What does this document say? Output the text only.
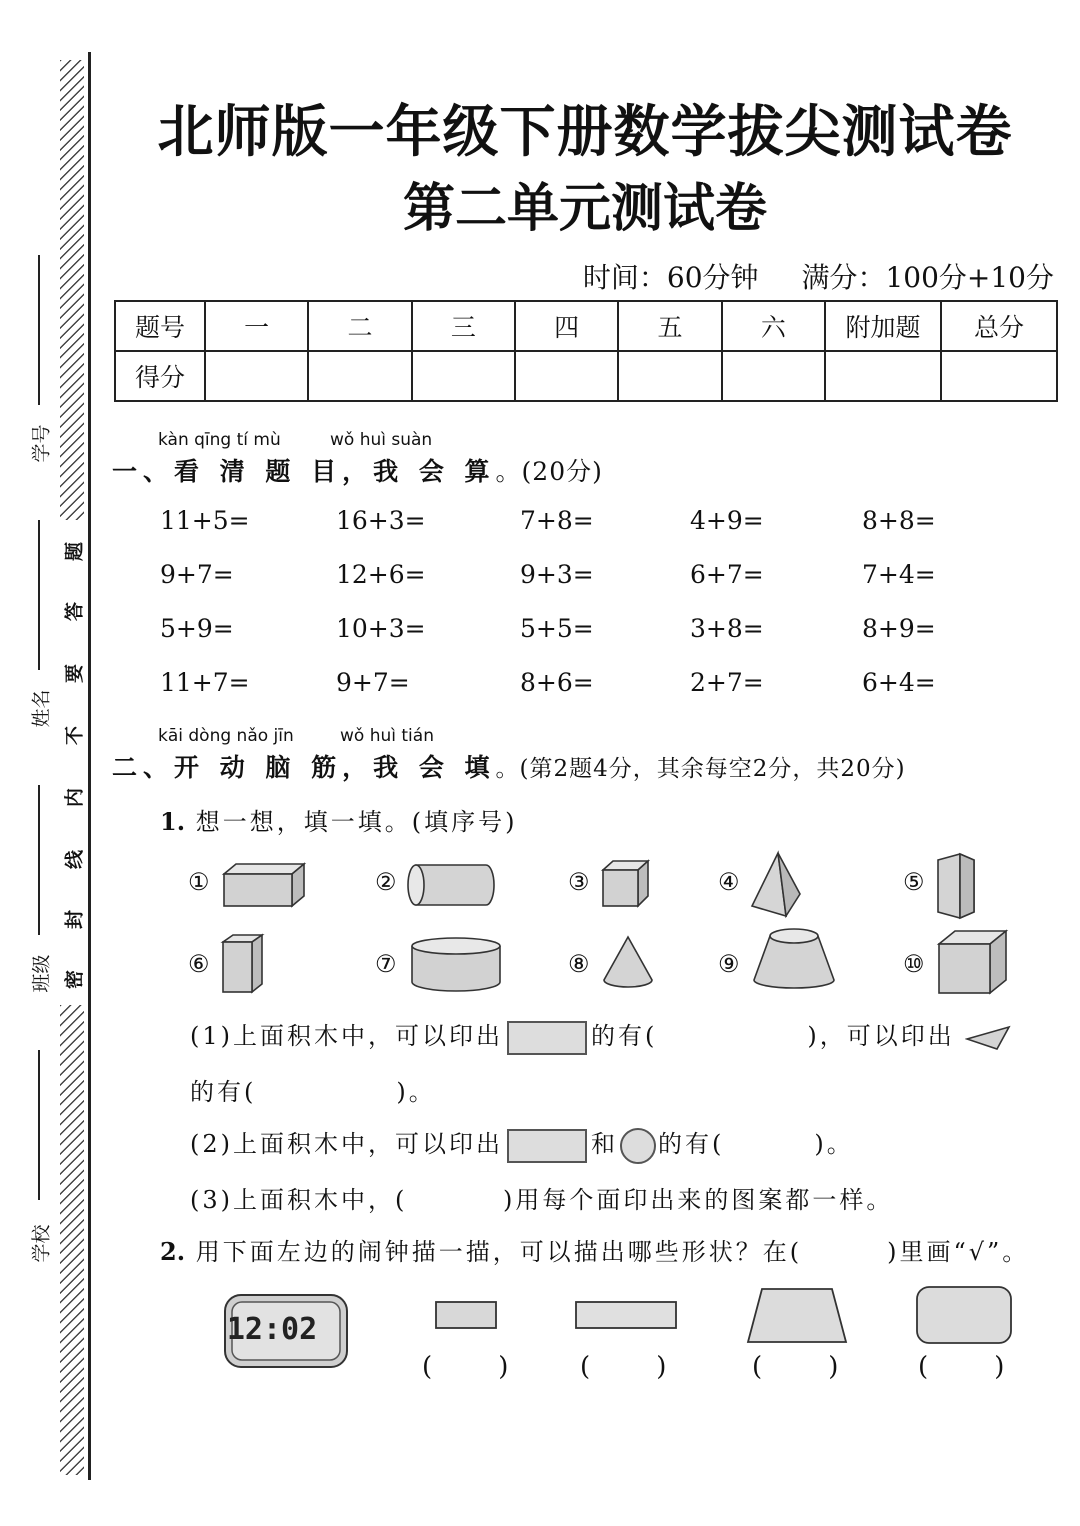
学号
姓名
班级
学校
题
答
要
不
内
线
封
密
北师版一年级下册数学拔尖测试卷
第二单元测试卷
时间：60分钟 满分：100分+10分
题号	一	二	三	四	五	六	附加题	总分
得分								
kàn qīng tí mù	wǒ huì suàn
一、看 清 题 目，我 会 算。(20分)
11+5=	16+3=	7+8=	4+9=	8+8=
9+7=	12+6=	9+3=	6+7=	7+4=
5+9=	10+3=	5+5=	3+8=	8+9=
11+7=	9+7=	8+6=	2+7=	6+4=
kāi dòng nǎo jīn	wǒ huì tián
二、开 动 脑 筋，我 会 填。(第2题4分，其余每空2分，共20分)
1. 想一想，填一填。(填序号)
①	②	③	④	⑤
⑥	⑦	⑧	⑨	⑩
(1)上面积木中，可以印出	的有(	)，可以印出
的有(	)。
(2)上面积木中，可以印出	和 的有(	)。
(3)上面积木中，(         )用每个面印出来的图案都一样。
2. 用下面左边的闹钟描一描，可以描出哪些形状？在(        )里画“√”。
12:02
(        )	(        )	(        )	(        )
